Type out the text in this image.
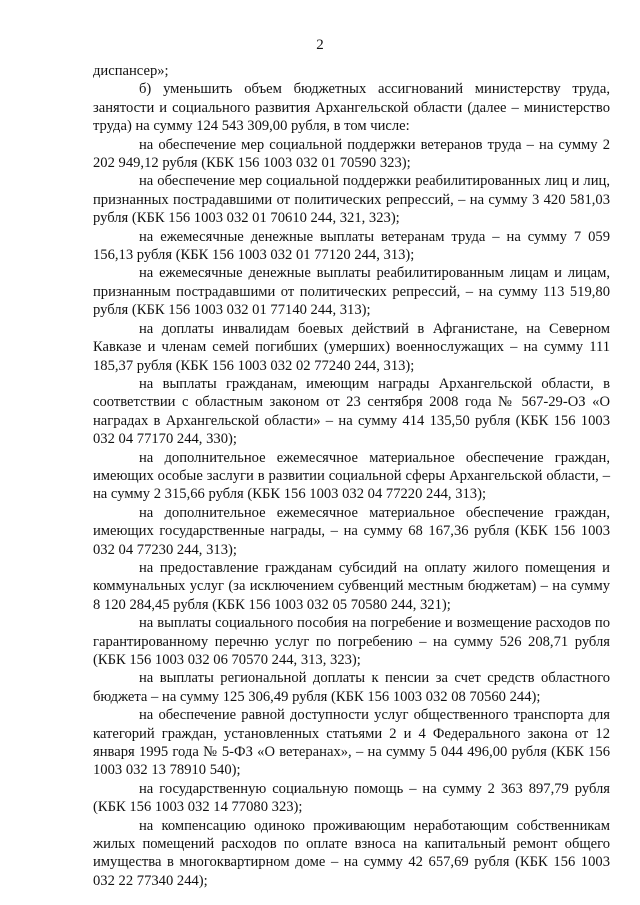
2

диспансер»;

б) уменьшить объем бюджетных ассигнований министерству труда, занятости и социального развития Архангельской области (далее – министерство труда) на сумму 124 543 309,00 рубля, в том числе:

на обеспечение мер социальной поддержки ветеранов труда – на сумму 2 202 949,12 рубля (КБК 156 1003 032 01 70590 323);

на обеспечение мер социальной поддержки реабилитированных лиц и лиц, признанных пострадавшими от политических репрессий, – на сумму 3 420 581,03 рубля (КБК 156 1003 032 01 70610 244, 321, 323);

на ежемесячные денежные выплаты ветеранам труда – на сумму 7 059 156,13 рубля (КБК 156 1003 032 01 77120 244, 313);

на ежемесячные денежные выплаты реабилитированным лицам и лицам, признанным пострадавшими от политических репрессий, – на сумму 113 519,80 рубля (КБК 156 1003 032 01 77140 244, 313);

на доплаты инвалидам боевых действий в Афганистане, на Северном Кавказе и членам семей погибших (умерших) военнослужащих – на сумму 111 185,37 рубля (КБК 156 1003 032 02 77240 244, 313);

на выплаты гражданам, имеющим награды Архангельской области, в соответствии с областным законом от 23 сентября 2008 года № 567-29-ОЗ «О наградах в Архангельской области» – на сумму 414 135,50 рубля (КБК 156 1003 032 04 77170 244, 330);

на дополнительное ежемесячное материальное обеспечение граждан, имеющих особые заслуги в развитии социальной сферы Архангельской области, – на сумму 2 315,66 рубля (КБК 156 1003 032 04 77220 244, 313);

на дополнительное ежемесячное материальное обеспечение граждан, имеющих государственные награды, – на сумму 68 167,36 рубля (КБК 156 1003 032 04 77230 244, 313);

на предоставление гражданам субсидий на оплату жилого помещения и коммунальных услуг (за исключением субвенций местным бюджетам) – на сумму 8 120 284,45 рубля (КБК 156 1003 032 05 70580 244, 321);

на выплаты социального пособия на погребение и возмещение расходов по гарантированному перечню услуг по погребению – на сумму 526 208,71 рубля (КБК 156 1003 032 06 70570 244, 313, 323);

на выплаты региональной доплаты к пенсии за счет средств областного бюджета – на сумму 125 306,49 рубля (КБК 156 1003 032 08 70560 244);

на обеспечение равной доступности услуг общественного транспорта для категорий граждан, установленных статьями 2 и 4 Федерального закона от 12 января 1995 года № 5-ФЗ «О ветеранах», – на сумму 5 044 496,00 рубля (КБК 156 1003 032 13 78910 540);

на государственную социальную помощь – на сумму 2 363 897,79 рубля (КБК 156 1003 032 14 77080 323);

на компенсацию одиноко проживающим неработающим собственникам жилых помещений расходов по оплате взноса на капитальный ремонт общего имущества в многоквартирном доме – на сумму 42 657,69 рубля (КБК 156 1003 032 22 77340 244);
